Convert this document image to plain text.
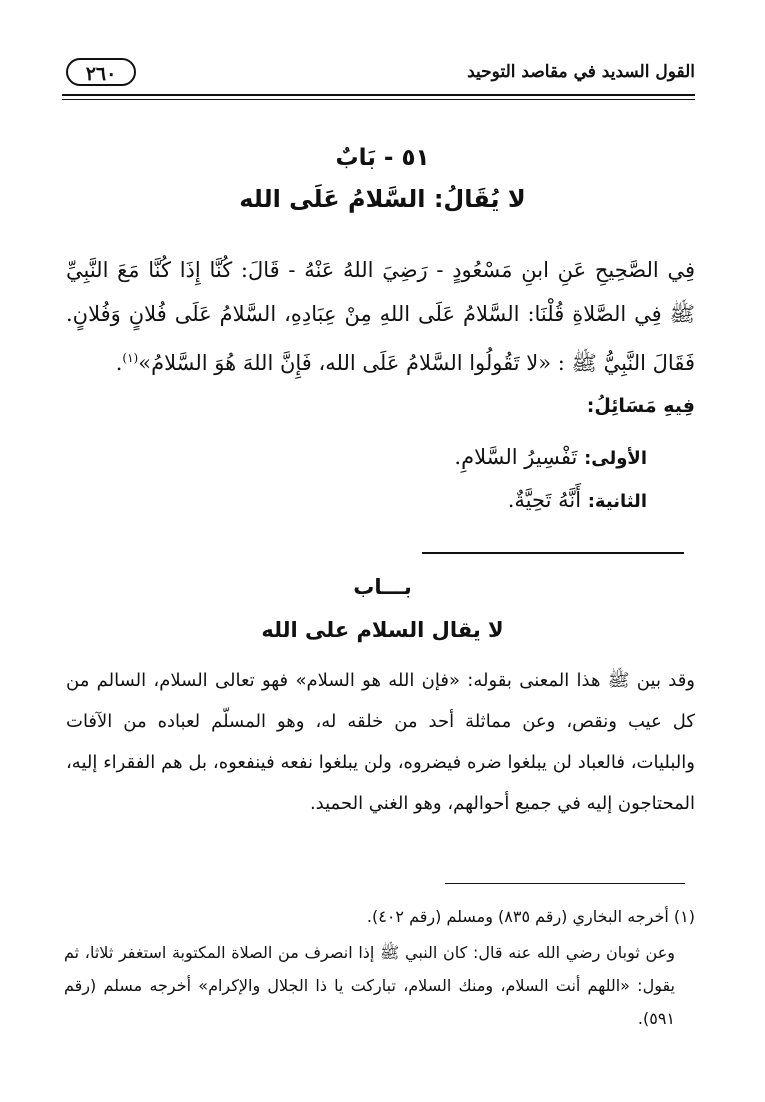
القول السديد في مقاصد التوحيد
٢٦٠
٥١ - بَابٌ
لا يُقَالُ: السَّلامُ عَلَى الله
فِي الصَّحِيحِ عَنِ ابنِ مَسْعُودٍ - رَضِيَ اللهُ عَنْهُ - قَالَ: كُنَّا إِذَا كُنَّا مَعَ النَّبِيِّ ﷺ فِي الصَّلاةِ قُلْنَا: السَّلامُ عَلَى اللهِ مِنْ عِبَادِهِ، السَّلامُ عَلَى فُلانٍ وَفُلانٍ. فَقَالَ النَّبِيُّ ﷺ : «لا تَقُولُوا السَّلامُ عَلَى الله، فَإِنَّ اللهَ هُوَ السَّلامُ»$^{(١)}$.
فِيهِ مَسَائِلُ:
الأولى: تَفْسِيرُ السَّلامِ.
الثانية: أَنَّهُ تَحِيَّةٌ.
بـــاب
لا يقال السلام على الله
وقد بين ﷺ هذا المعنى بقوله: «فإن الله هو السلام» فهو تعالى السلام، السالم من كل عيب ونقص، وعن مماثلة أحد من خلقه له، وهو المسلّم لعباده من الآفات والبليات، فالعباد لن يبلغوا ضره فيضروه، ولن يبلغوا نفعه فينفعوه، بل هم الفقراء إليه، المحتاجون إليه في جميع أحوالهم، وهو الغني الحميد.
(١) أخرجه البخاري (رقم ٨٣٥) ومسلم (رقم ٤٠٢).
وعن ثوبان رضي الله عنه قال: كان النبي ﷺ إذا انصرف من الصلاة المكتوبة استغفر ثلاثا، ثم يقول: «اللهم أنت السلام، ومنك السلام، تباركت يا ذا الجلال والإكرام» أخرجه مسلم (رقم ٥٩١).
